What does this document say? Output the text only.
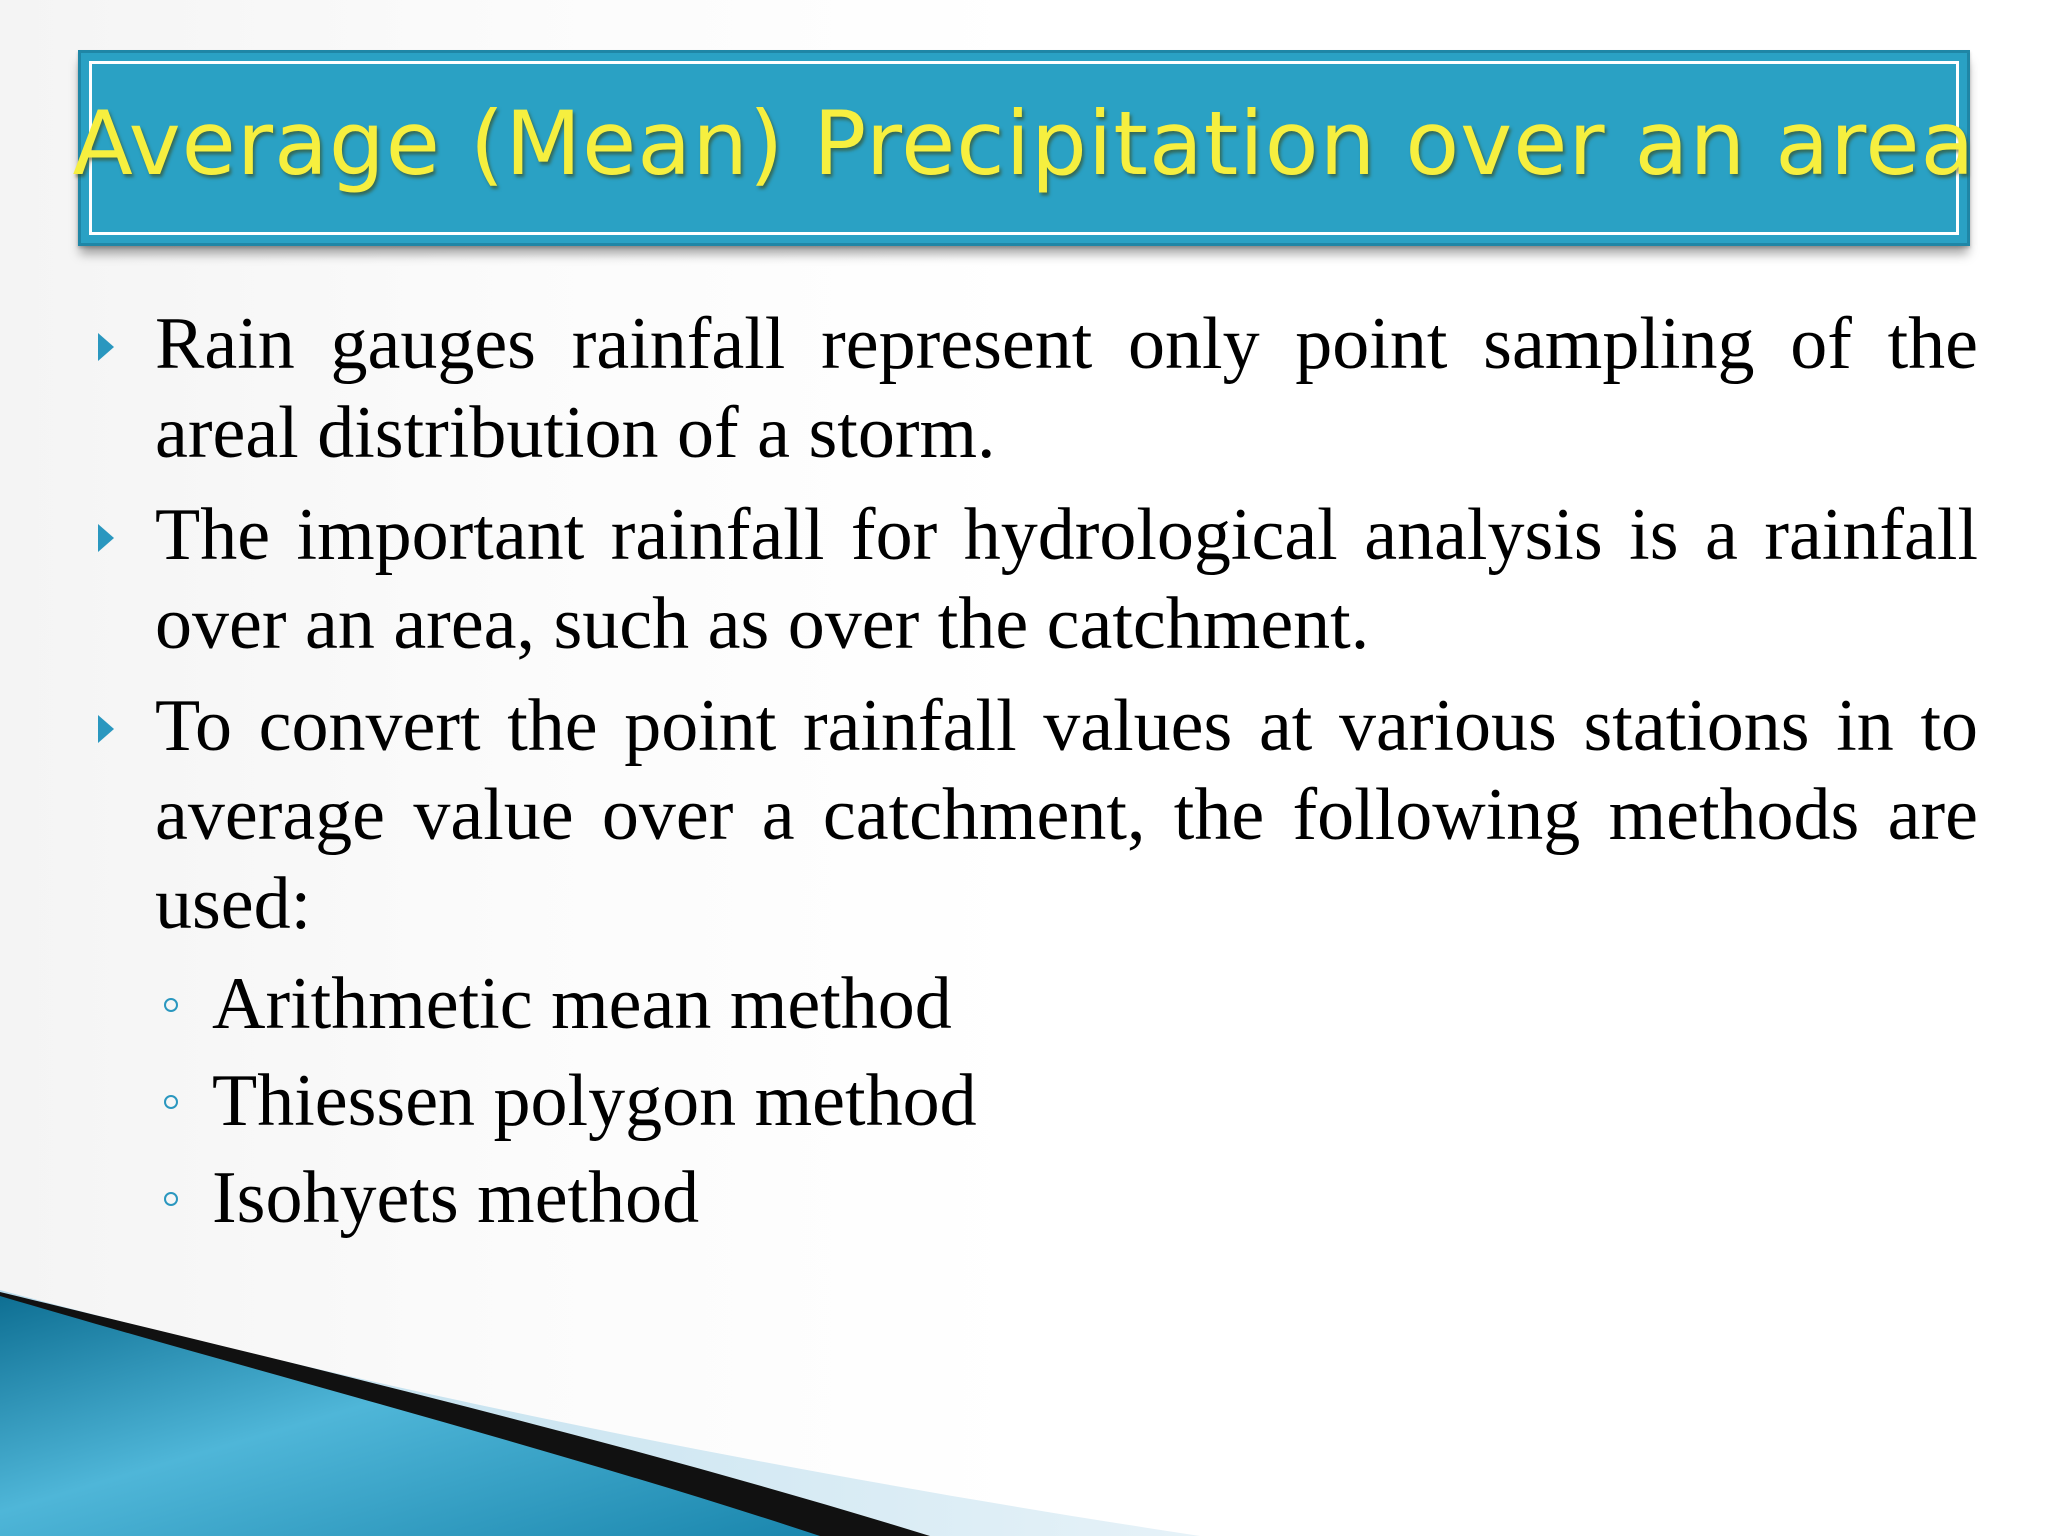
Average (Mean) Precipitation over an area
Rain gauges rainfall represent only point sampling of the areal distribution of a storm.
The important rainfall for hydrological analysis is a rainfall over an area, such as over the catchment.
To convert the point rainfall values at various stations in to average value over a catchment, the following methods are used:
Arithmetic mean method
Thiessen polygon method
Isohyets method
